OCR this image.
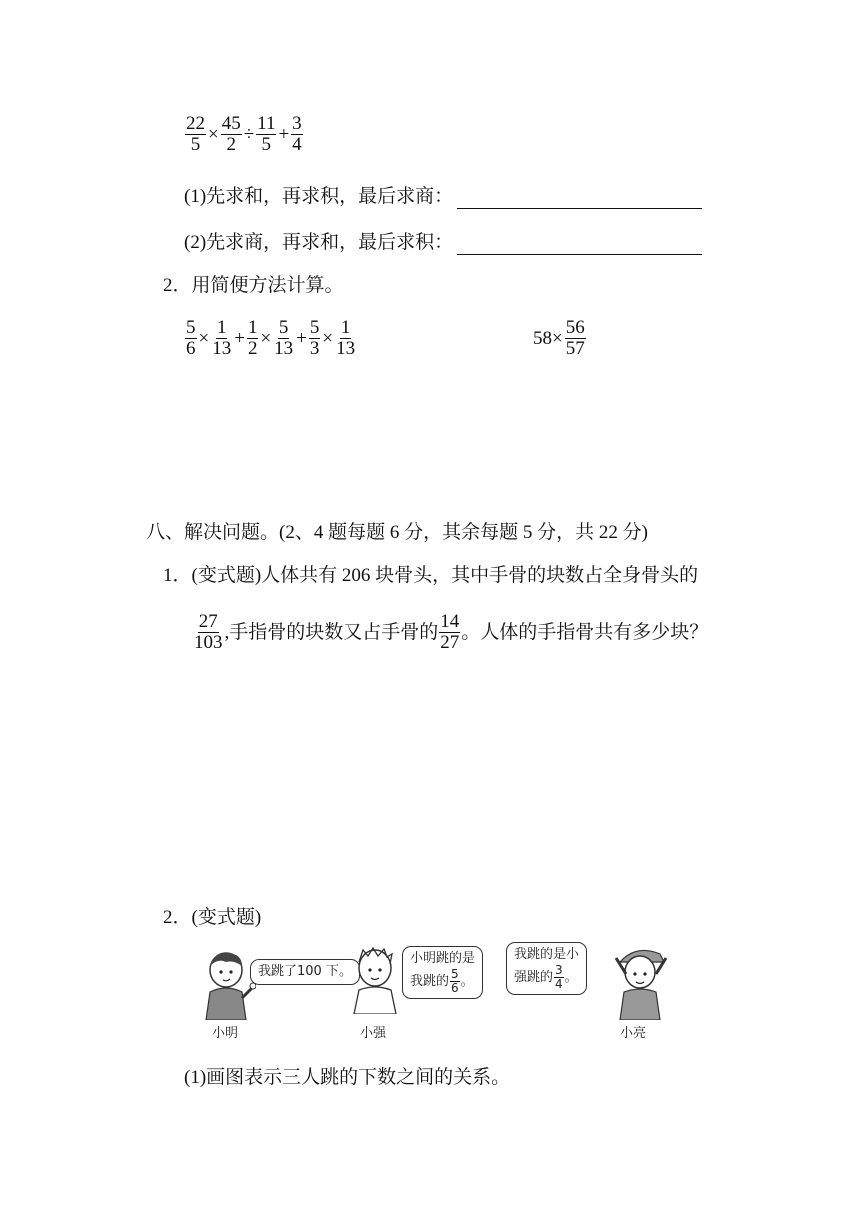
$\frac{22}{5} \times \frac{45}{2} \div \frac{11}{5} + \frac{3}{4}$
(1)先求和，再求积，最后求商：
(2)先求商，再求和，最后求积：
2．用简便方法计算。
$\frac{5}{6} \times \frac{1}{13} + \frac{1}{2} \times \frac{5}{13} + \frac{5}{3} \times \frac{1}{13}$	$58\times \frac{56}{57}$
八、解决问题。(2、4 题每题 6 分，其余每题 5 分，共 22 分)
1．(变式题)人体共有 206 块骨头，其中手骨的块数占全身骨头的
$\frac{27}{103}$ ,手指骨的块数又占手骨的 $\frac{14}{27}$ 。人体的手指骨共有多少块？
2．(变式题)
我跳了100 下。
小明跳的是
我跳的 $\frac{5}{6}$ 。
我跳的是小
强跳的 $\frac{3}{4}$ 。
小明	小强	小亮
(1)画图表示三人跳的下数之间的关系。
